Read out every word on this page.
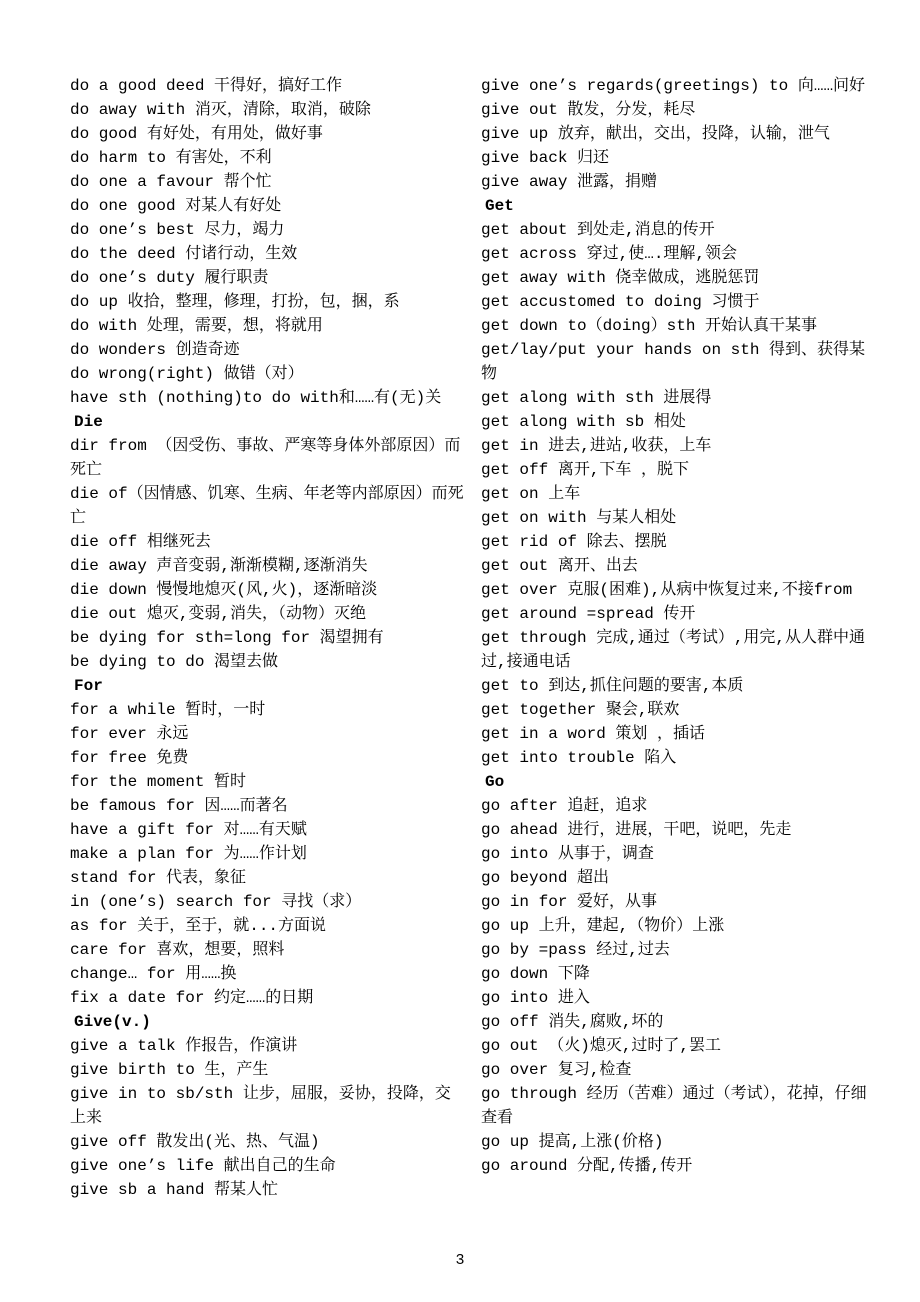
do a good deed 干得好，搞好工作
do away with 消灭，清除，取消，破除
do good 有好处，有用处，做好事
do harm to 有害处，不利
do one a favour 帮个忙
do one good 对某人有好处
do one’s best 尽力，竭力
do the deed 付诸行动，生效
do one’s duty 履行职责
do up 收拾，整理，修理，打扮，包，捆，系
do with 处理，需要，想，将就用
do wonders 创造奇迹
do wrong(right) 做错（对）
have sth (nothing)to do with和……有(无)关
Die
dir from （因受伤、事故、严寒等身体外部原因）而死亡
die of（因情感、饥寒、生病、年老等内部原因）而死亡
die off 相继死去
die away 声音变弱,渐渐模糊,逐渐消失
die down 慢慢地熄灭(风,火)，逐渐暗淡
die out 熄灭,变弱,消失，（动物）灭绝
be dying for sth=long for 渴望拥有
be dying to do 渴望去做
For
for a while 暂时，一时
for ever 永远
for free 免费
for the moment 暂时
be famous for 因……而著名
have a gift for 对……有天赋
make a plan for 为……作计划
stand for 代表，象征
in (one’s) search for 寻找（求）
as for 关于，至于，就...方面说
care for 喜欢，想要，照料
change… for 用……换
fix a date for 约定……的日期
Give(v.)
give a talk 作报告，作演讲
give birth to 生，产生
give in to sb/sth 让步，屈服，妥协，投降，交上来
give off 散发出(光、热、气温)
give one’s life 献出自己的生命
give sb a hand 帮某人忙
give one’s regards(greetings) to 向……问好
give out 散发，分发，耗尽
give up 放弃，献出，交出，投降，认输，泄气
give back 归还
give away 泄露，捐赠
Get
get about 到处走,消息的传开
get across 穿过,使….理解,领会
get away with 侥幸做成，逃脱惩罚
get accustomed to doing 习惯于
get down to（doing）sth 开始认真干某事
get/lay/put your hands on sth 得到、获得某物
get along with sth 进展得
get along with sb 相处
get in 进去,进站,收获，上车
get off 离开,下车 ，脱下
get on 上车
get on with 与某人相处
get rid of 除去、摆脱
get out 离开、出去
get over 克服(困难),从病中恢复过来,不接from
get around =spread 传开
get through 完成,通过（考试）,用完,从人群中通过,接通电话
get to 到达,抓住问题的要害,本质
get together 聚会,联欢
get in a word 策划 ，插话
get into trouble 陷入
Go
go after 追赶，追求
go ahead 进行，进展，干吧，说吧，先走
go into 从事于，调查
go beyond 超出
go in for 爱好，从事
go up 上升，建起,（物价）上涨
go by =pass 经过,过去
go down 下降
go into 进入
go off 消失,腐败,坏的
go out （火)熄灭,过时了,罢工
go over 复习,检查
go through 经历（苦难）通过（考试），花掉，仔细查看
go up 提高,上涨(价格)
go around 分配,传播,传开
3
